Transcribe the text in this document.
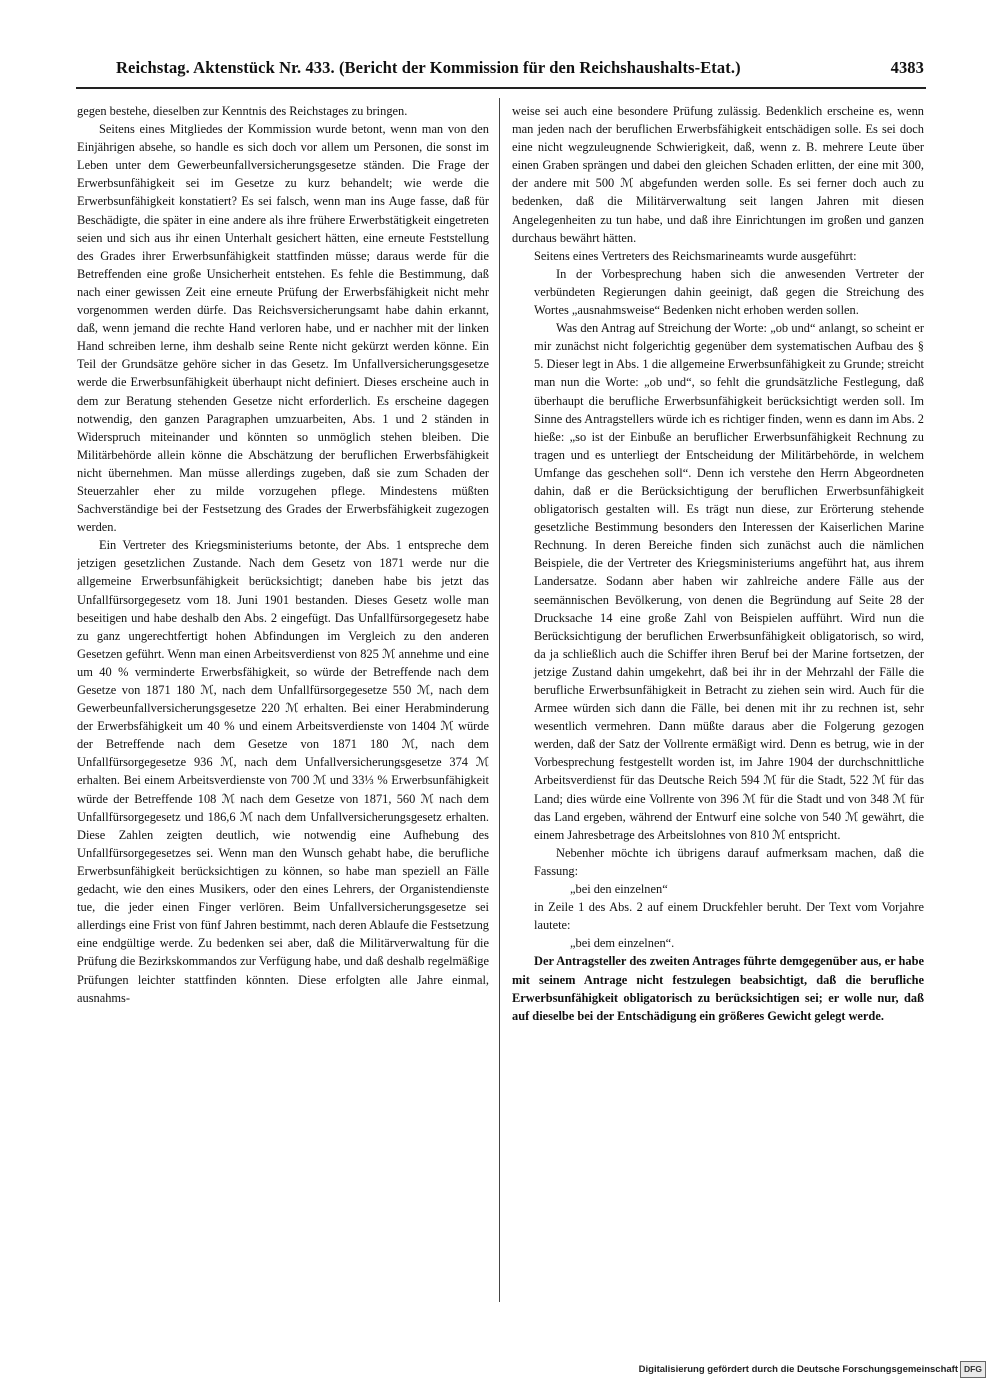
Reichstag. Aktenstück Nr. 433. (Bericht der Kommission für den Reichshaushalts-Etat.)	4383

gegen bestehe, dieselben zur Kenntnis des Reichstages zu bringen.

Seitens eines Mitgliedes der Kommission wurde betont, wenn man von den Einjährigen absehe, so handle es sich doch vor allem um Personen, die sonst im Leben unter dem Gewerbeunfallversicherungsgesetze ständen. Die Frage der Erwerbsunfähigkeit sei im Gesetze zu kurz behandelt; wie werde die Erwerbsunfähigkeit konstatiert? Es sei falsch, wenn man ins Auge fasse, daß für Beschädigte, die später in eine andere als ihre frühere Erwerbstätigkeit eingetreten seien und sich aus ihr einen Unterhalt gesichert hätten, eine erneute Feststellung des Grades ihrer Erwerbsunfähigkeit stattfinden müsse; daraus werde für die Betreffenden eine große Unsicherheit entstehen. Es fehle die Bestimmung, daß nach einer gewissen Zeit eine erneute Prüfung der Erwerbsfähigkeit nicht mehr vorgenommen werden dürfe. Das Reichsversicherungsamt habe dahin erkannt, daß, wenn jemand die rechte Hand verloren habe, und er nachher mit der linken Hand schreiben lerne, ihm deshalb seine Rente nicht gekürzt werden könne. Ein Teil der Grundsätze gehöre sicher in das Gesetz. Im Unfallversicherungsgesetze werde die Erwerbsunfähigkeit überhaupt nicht definiert. Dieses erscheine auch in dem zur Beratung stehenden Gesetze nicht erforderlich. Es erscheine dagegen notwendig, den ganzen Paragraphen umzuarbeiten, Abs. 1 und 2 ständen in Widerspruch miteinander und könnten so unmöglich stehen bleiben. Die Militärbehörde allein könne die Abschätzung der beruflichen Erwerbsfähigkeit nicht übernehmen. Man müsse allerdings zugeben, daß sie zum Schaden der Steuerzahler eher zu milde vorzugehen pflege. Mindestens müßten Sachverständige bei der Festsetzung des Grades der Erwerbsfähigkeit zugezogen werden.

Ein Vertreter des Kriegsministeriums betonte, der Abs. 1 entspreche dem jetzigen gesetzlichen Zustande. Nach dem Gesetz von 1871 werde nur die allgemeine Erwerbsunfähigkeit berücksichtigt; daneben habe bis jetzt das Unfallfürsorgegesetz vom 18. Juni 1901 bestanden. Dieses Gesetz wolle man beseitigen und habe deshalb den Abs. 2 eingefügt. Das Unfallfürsorgegesetz habe zu ganz ungerechtfertigt hohen Abfindungen im Vergleich zu den anderen Gesetzen geführt. Wenn man einen Arbeitsverdienst von 825 ℳ annehme und eine um 40 % verminderte Erwerbsfähigkeit, so würde der Betreffende nach dem Gesetze von 1871 180 ℳ, nach dem Unfallfürsorgegesetze 550 ℳ, nach dem Gewerbeunfallversicherungsgesetze 220 ℳ erhalten. Bei einer Herabminderung der Erwerbsfähigkeit um 40 % und einem Arbeitsverdienste von 1404 ℳ würde der Betreffende nach dem Gesetze von 1871 180 ℳ, nach dem Unfallfürsorgegesetze 936 ℳ, nach dem Unfallversicherungsgesetze 374 ℳ erhalten. Bei einem Arbeitsverdienste von 700 ℳ und 33⅓ % Erwerbsunfähigkeit würde der Betreffende 108 ℳ nach dem Gesetze von 1871, 560 ℳ nach dem Unfallfürsorgegesetz und 186,6 ℳ nach dem Unfallversicherungsgesetz erhalten. Diese Zahlen zeigten deutlich, wie notwendig eine Aufhebung des Unfallfürsorgegesetzes sei. Wenn man den Wunsch gehabt habe, die berufliche Erwerbsunfähigkeit berücksichtigen zu können, so habe man speziell an Fälle gedacht, wie den eines Musikers, oder den eines Lehrers, der Organistendienste tue, die jeder einen Finger verlören. Beim Unfallversicherungsgesetze sei allerdings eine Frist von fünf Jahren bestimmt, nach deren Ablaufe die Festsetzung eine endgültige werde. Zu bedenken sei aber, daß die Militärverwaltung für die Prüfung die Bezirkskommandos zur Verfügung habe, und daß deshalb regelmäßige Prüfungen leichter stattfinden könnten. Diese erfolgten alle Jahre einmal, ausnahms-

weise sei auch eine besondere Prüfung zulässig. Bedenklich erscheine es, wenn man jeden nach der beruflichen Erwerbsfähigkeit entschädigen solle. Es sei doch eine nicht wegzuleugnende Schwierigkeit, daß, wenn z. B. mehrere Leute über einen Graben sprängen und dabei den gleichen Schaden erlitten, der eine mit 300, der andere mit 500 ℳ abgefunden werden solle. Es sei ferner doch auch zu bedenken, daß die Militärverwaltung seit langen Jahren mit diesen Angelegenheiten zu tun habe, und daß ihre Einrichtungen im großen und ganzen durchaus bewährt hätten.

Seitens eines Vertreters des Reichsmarineamts wurde ausgeführt:

In der Vorbesprechung haben sich die anwesenden Vertreter der verbündeten Regierungen dahin geeinigt, daß gegen die Streichung des Wortes „ausnahmsweise“ Bedenken nicht erhoben werden sollen.

Was den Antrag auf Streichung der Worte: „ob und“ anlangt, so scheint er mir zunächst nicht folgerichtig gegenüber dem systematischen Aufbau des § 5. Dieser legt in Abs. 1 die allgemeine Erwerbsunfähigkeit zu Grunde; streicht man nun die Worte: „ob und“, so fehlt die grundsätzliche Festlegung, daß überhaupt die berufliche Erwerbsunfähigkeit berücksichtigt werden soll. Im Sinne des Antragstellers würde ich es richtiger finden, wenn es dann im Abs. 2 hieße: „so ist der Einbuße an beruflicher Erwerbsunfähigkeit Rechnung zu tragen und es unterliegt der Entscheidung der Militärbehörde, in welchem Umfange das geschehen soll“. Denn ich verstehe den Herrn Abgeordneten dahin, daß er die Berücksichtigung der beruflichen Erwerbsunfähigkeit obligatorisch gestalten will. Es trägt nun diese, zur Erörterung stehende gesetzliche Bestimmung besonders den Interessen der Kaiserlichen Marine Rechnung. In deren Bereiche finden sich zunächst auch die nämlichen Beispiele, die der Vertreter des Kriegsministeriums angeführt hat, aus ihrem Landersatze. Sodann aber haben wir zahlreiche andere Fälle aus der seemännischen Bevölkerung, von denen die Begründung auf Seite 28 der Drucksache 14 eine große Zahl von Beispielen aufführt. Wird nun die Berücksichtigung der beruflichen Erwerbsunfähigkeit obligatorisch, so wird, da ja schließlich auch die Schiffer ihren Beruf bei der Marine fortsetzen, der jetzige Zustand dahin umgekehrt, daß bei ihr in der Mehrzahl der Fälle die berufliche Erwerbsunfähigkeit in Betracht zu ziehen sein wird. Auch für die Armee würden sich dann die Fälle, bei denen mit ihr zu rechnen ist, sehr wesentlich vermehren. Dann müßte daraus aber die Folgerung gezogen werden, daß der Satz der Vollrente ermäßigt wird. Denn es betrug, wie in der Vorbesprechung festgestellt worden ist, im Jahre 1904 der durchschnittliche Arbeitsverdienst für das Deutsche Reich 594 ℳ für die Stadt, 522 ℳ für das Land; dies würde eine Vollrente von 396 ℳ für die Stadt und von 348 ℳ für das Land ergeben, während der Entwurf eine solche von 540 ℳ gewährt, die einem Jahresbetrage des Arbeitslohnes von 810 ℳ entspricht.

Nebenher möchte ich übrigens darauf aufmerksam machen, daß die Fassung:

„bei den einzelnen“

in Zeile 1 des Abs. 2 auf einem Druckfehler beruht. Der Text vom Vorjahre lautete:

„bei dem einzelnen“.

Der Antragsteller des zweiten Antrages führte demgegenüber aus, er habe mit seinem Antrage nicht festzulegen beabsichtigt, daß die berufliche Erwerbsunfähigkeit obligatorisch zu berücksichtigen sei; er wolle nur, daß auf dieselbe bei der Entschädigung ein größeres Gewicht gelegt werde.

Digitalisierung gefördert durch die Deutsche Forschungsgemeinschaft DFG
